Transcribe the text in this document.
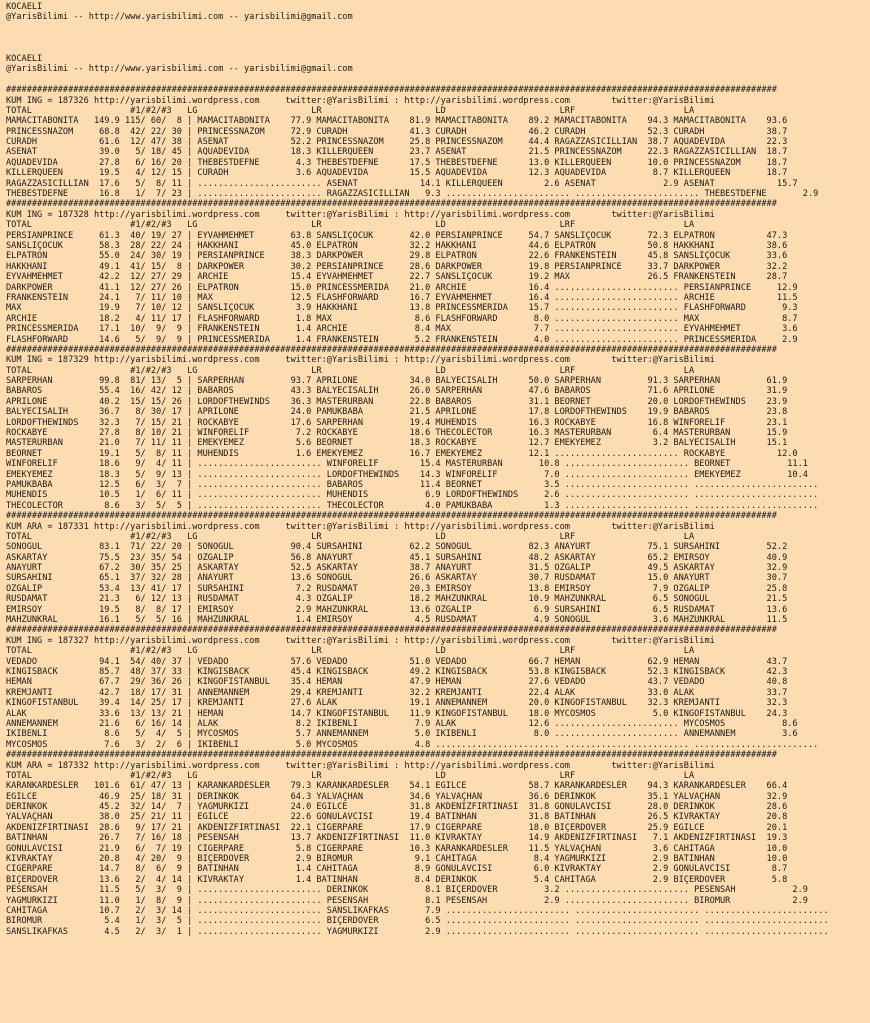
KOCAELI
@YarisBilimi -- http://www.yarisbilimi.com -- yarisbilimi@gmail.com
KOCAELI
@YarisBilimi -- http://www.yarisbilimi.com -- yarisbilimi@gmail.com
#####################################################################################################################################################
KUM ING = 187326 http://yarisbilimi.wordpress.com     twitter:@YarisBilimi : http://yarisbilimi.wordpress.com        twitter:@YarisBilimi
TOTAL                   #1/#2/#3   LG                      LR                      LD                      LRF                     LA
MAMACITABONITA   149.9 115/ 60/  8 | MAMACITABONITA    77.9 MAMACITABONITA    81.9 MAMACITABONITA    89.2 MAMACITABONITA    94.3 MAMACITABONITA    93.6
PRINCESSNAZOM     68.8  42/ 22/ 30 | PRINCESSNAZOM     72.9 CURADH            41.3 CURADH            46.2 CURADH            52.3 CURADH            38.7
CURADH            61.6  12/ 47/ 38 | ASENAT            52.2 PRINCESSNAZOM     25.8 PRINCESSNAZOM     44.4 RAGAZZASICILLIAN  38.7 AQUADEVIDA        22.3
ASENAT            39.0   5/ 18/ 45 | AQUADEVIDA        18.3 KILLERQUEEN       23.7 ASENAT            21.5 PRINCESSNAZOM     22.3 RAGAZZASICILLIAN  18.7
AQUADEVIDA        27.8   6/ 16/ 20 | THEBESTDEFNE       4.3 THEBESTDEFNE      17.5 THEBESTDEFNE      13.0 KILLERQUEEN       10.0 PRINCESSNAZOM     18.7
KILLERQUEEN       19.5   4/ 12/ 15 | CURADH             3.6 AQUADEVIDA        15.5 AQUADEVIDA        12.3 AQUADEVIDA         8.7 KILLERQUEEN       18.7
RAGAZZASICILLIAN  17.6   5/  8/ 11 | ........................ ASENAT            14.1 KILLERQUEEN        2.6 ASENAT             2.9 ASENAT            15.7
THEBESTDEFNE      16.8   1/  7/ 23 | ........................ RAGAZZASICILLIAN   9.3 ........................ ........................ THEBESTDEFNE       2.9
#####################################################################################################################################################
KUM ING = 187328 http://yarisbilimi.wordpress.com     twitter:@YarisBilimi : http://yarisbilimi.wordpress.com        twitter:@YarisBilimi
TOTAL                   #1/#2/#3   LG                      LR                      LD                      LRF                     LA
PERSIANPRINCE     61.3  40/ 19/ 27 | EYVAHMEHMET       63.8 SANSLIÇOCUK       42.0 PERSIANPRINCE     54.7 SANSLIÇOCUK       72.3 ELPATRON          47.3
SANSLIÇOCUK       58.3  28/ 22/ 24 | HAKKHANI          45.0 ELPATRON          32.2 HAKKHANI          44.6 ELPATRON          50.8 HAKKHANI          38.6
ELPATRON          55.0  24/ 30/ 19 | PERSIANPRINCE     38.3 DARKPOWER         29.8 ELPATRON          22.6 FRANKENSTEIN      45.8 SANSLIÇOCUK       33.6
HAKKHANI          49.1  41/ 15/  8 | DARKPOWER         30.2 PERSIANPRINCE     28.6 DARKPOWER         19.8 PERSIANPRINCE     33.7 DARKPOWER         32.2
EYVAHMEHMET       42.2  12/ 27/ 29 | ARCHIE            15.4 EYVAHMEHMET       22.7 SANSLIÇOCUK       19.2 MAX               26.5 FRANKENSTEIN      28.7
DARKPOWER         41.1  12/ 27/ 26 | ELPATRON          15.0 PRINCESSMERIDA    21.0 ARCHIE            16.4 ........................ PERSIANPRINCE     12.9
FRANKENSTEIN      24.1   7/ 11/ 10 | MAX               12.5 FLASHFORWARD      16.7 EYVAHMEHMET       16.4 ........................ ARCHIE            11.5
MAX               19.9   7/ 10/ 12 | SANSLIÇOCUK        3.9 HAKKHANI          13.8 PRINCESSMERIDA    15.7 ........................ FLASHFORWARD       9.3
ARCHIE            18.2   4/ 11/ 17 | FLASHFORWARD       1.8 MAX                8.6 FLASHFORWARD       8.0 ........................ MAX                8.7
PRINCESSMERIDA    17.1  10/  9/  9 | FRANKENSTEIN       1.4 ARCHIE             8.4 MAX                7.7 ........................ EYVAHMEHMET        3.6
FLASHFORWARD      14.6   5/  9/  9 | PRINCESSMERIDA     1.4 FRANKENSTEIN       5.2 FRANKENSTEIN       4.0 ........................ PRINCESSMERIDA     2.9
#####################################################################################################################################################
KUM ING = 187329 http://yarisbilimi.wordpress.com     twitter:@YarisBilimi : http://yarisbilimi.wordpress.com        twitter:@YarisBilimi
TOTAL                   #1/#2/#3   LG                      LR                      LD                      LRF                     LA
SARPERHAN         99.8  81/ 13/  5 | SARPERHAN         93.7 APRILONE          34.0 BALYECISALIH      50.0 SARPERHAN         91.3 SARPERHAN         61.9
BABAROS           55.4  16/ 42/ 12 | BABAROS           43.3 BALYECISALIH      26.0 SARPERHAN         47.6 BABAROS           71.6 APRILONE          31.9
APRILONE          40.2  15/ 15/ 26 | LORDOFTHEWINDS    36.3 MASTERURBAN       22.8 BABAROS           31.1 BEORNET           20.0 LORDOFTHEWINDS    23.9
BALYECISALIH      36.7   8/ 30/ 17 | APRILONE          24.0 PAMUKBABA         21.5 APRILONE          17.8 LORDOFTHEWINDS    19.9 BABAROS           23.8
LORDOFTHEWINDS    32.3   7/ 15/ 21 | ROCKABYE          17.6 SARPERHAN         19.4 MÜHENDIS          16.3 ROCKABYE          16.8 WINFORELIF        23.1
ROCKABYE          27.8   8/ 10/ 21 | WINFORELIF         7.2 ROCKABYE          18.6 THECOLECTOR       16.3 MASTERURBAN        6.4 MASTERURBAN       15.9
MASTERURBAN       21.0   7/ 11/ 11 | EMEKYEMEZ          5.6 BEORNET           18.3 ROCKABYE          12.7 EMEKYEMEZ          3.2 BALYECISALIH      15.1
BEORNET           19.1   5/  8/ 11 | MÜHENDIS           1.6 EMEKYEMEZ         16.7 EMEKYEMEZ         12.1 ........................ ROCKABYE          12.0
WINFORELIF        18.6   9/  4/ 11 | ........................ WINFORELIF        15.4 MASTERURBAN       10.8 ........................ BEORNET           11.1
EMEKYEMEZ         18.3   5/  9/ 13 | ........................ LORDOFTHEWINDS    14.3 WINFORELIF         7.0 ........................ EMEKYEMEZ         10.4
PAMUKBABA         12.5   6/  3/  7 | ........................ BABAROS           11.4 BEORNET            3.5 ........................ ........................
MÜHENDIS          10.5   1/  6/ 11 | ........................ MÜHENDIS           6.9 LORDOFTHEWINDS     2.6 ........................ ........................
THECOLECTOR        8.6   3/  5/  5 | ........................ THECOLECTOR        4.0 PAMUKBABA          1.3 ........................ ........................
#####################################################################################################################################################
KUM ARA = 187331 http://yarisbilimi.wordpress.com     twitter:@YarisBilimi : http://yarisbilimi.wordpress.com        twitter:@YarisBilimi
TOTAL                   #1/#2/#3   LG                      LR                      LD                      LRF                     LA
SONOGUL           83.1  71/ 22/ 20 | SONOGUL           90.4 SURSAHINI         62.2 SONOGUL           82.3 ANAYURT           75.1 SURSAHINI         52.2
ASKARTAY          75.5  23/ 35/ 54 | ÖZGALIP           56.8 ANAYURT           45.1 SURSAHINI         48.2 ASKARTAY          65.2 EMIRSOY           40.9
ANAYURT           67.2  30/ 35/ 25 | ASKARTAY          52.5 ASKARTAY          38.7 ANAYURT           31.5 ÖZGALIP           49.5 ASKARTAY          32.9
SURSAHINI         65.1  37/ 32/ 28 | ANAYURT           13.6 SONOGUL           26.6 ASKARTAY          30.7 RUSDAMAT          15.0 ANAYURT           30.7
ÖZGALIP           53.4  13/ 41/ 17 | SURSAHINI          7.2 RUSDAMAT          20.3 EMIRSOY           13.8 EMIRSOY            7.9 ÖZGALIP           25.8
RUSDAMAT          21.3   6/ 12/ 13 | RUSDAMAT           4.3 ÖZGALIP           18.2 MAHZUNKRAL        10.9 MAHZUNKRAL         6.5 SONOGUL           21.5
EMIRSOY           19.5   8/  8/ 17 | EMIRSOY            2.9 MAHZUNKRAL        13.6 ÖZGALIP            6.9 SURSAHINI          6.5 RUSDAMAT          13.6
MAHZUNKRAL        16.1   5/  5/ 16 | MAHZUNKRAL         1.4 EMIRSOY            4.5 RUSDAMAT           4.9 SONOGUL            3.6 MAHZUNKRAL        11.5
#####################################################################################################################################################
KUM ING = 187327 http://yarisbilimi.wordpress.com     twitter:@YarisBilimi : http://yarisbilimi.wordpress.com        twitter:@YarisBilimi
TOTAL                   #1/#2/#3   LG                      LR                      LD                      LRF                     LA
VEDADO            94.1  54/ 40/ 37 | VEDADO            57.6 VEDADO            51.0 VEDADO            66.7 HEMAN             62.9 HEMAN             43.7
KINGISBACK        85.7  48/ 37/ 33 | KINGISBACK        45.4 KINGISBACK        49.2 KINGISBACK        53.8 KINGISBACK        52.3 KINGISBACK        42.3
HEMAN             67.7  29/ 36/ 26 | KINGOFISTANBUL    35.4 HEMAN             47.9 HEMAN             27.6 VEDADO            43.7 VEDADO            40.8
KREMJANTI         42.7  18/ 17/ 31 | ANNEMANNEM        29.4 KREMJANTI         32.2 KREMJANTI         22.4 ALAK              33.0 ALAK              33.7
KINGOFISTANBUL    39.4  14/ 25/ 17 | KREMJANTI         27.6 ALAK              19.1 ANNEMANNEM        20.0 KINGOFISTANBUL    32.3 KREMJANTI         32.3
ALAK              33.6  13/ 13/ 21 | HEMAN             14.7 KINGOFISTANBUL    11.9 KINGOFISTANBUL    18.0 MYCOSMOS           5.0 KINGOFISTANBUL    24.3
ANNEMANNEM        21.6   6/ 16/ 14 | ALAK               8.2 IKIBENLI           7.9 ALAK              12.6 ........................ MYCOSMOS           8.6
IKIBENLI           8.6   5/  4/  5 | MYCOSMOS           5.7 ANNEMANNEM         5.0 IKIBENLI           8.0 ........................ ANNEMANNEM         3.6
MYCOSMOS           7.6   3/  2/  6 | IKIBENLI           5.0 MYCOSMOS           4.8 ........................ ........................ ........................
#####################################################################################################################################################
KUM ARA = 187332 http://yarisbilimi.wordpress.com     twitter:@YarisBilimi : http://yarisbilimi.wordpress.com        twitter:@YarisBilimi
TOTAL                   #1/#2/#3   LG                      LR                      LD                      LRF                     LA
KARANKARDESLER   101.6  61/ 47/ 13 | KARANKARDESLER    79.3 KARANKARDESLER    54.1 EGILCE            58.7 KARANKARDESLER    94.3 KARANKARDESLER    66.4
EGILCE            46.9  25/ 18/ 31 | DERINKÖK          64.3 YALVAÇHAN         34.6 YALVAÇHAN         36.6 DERINKÖK          35.1 YALVAÇHAN         32.9
DERINKÖK          45.2  32/ 14/  7 | YAGMURKIZI        24.0 EGILCE            31.8 AKDENIZFIRTINASI  31.8 GÖNÜLAVCISI       28.0 DERINKÖK          28.6
YALVAÇHAN         38.0  25/ 21/ 11 | EGILCE            22.6 GÖNÜLAVCISI       19.4 BATINHAN          31.8 BATINHAN          26.5 KIVRAKTAY         20.8
AKDENIZFIRTINASI  28.6   9/ 17/ 21 | AKDENIZFIRTINASI  22.1 CIGERPARE         17.9 CIGERPARE         18.0 BIÇERDÖVER        25.9 EGILCE            20.1
BATINHAN          26.7   7/ 16/ 18 | PESENSAH          13.7 AKDENIZFIRTINASI  11.0 KIVRAKTAY         14.9 AKDENIZFIRTINASI   7.1 AKDENIZFIRTINASI  19.3
GÖNÜLAVCISI       21.9   6/  7/ 19 | CIGERPARE          5.8 CIGERPARE         10.3 KARANKARDESLER    11.5 YALVAÇHAN          3.6 CAHITAGA          10.0
KIVRAKTAY         20.8   4/ 20/  9 | BIÇERDÖVER         2.9 BIRÖMÜR            9.1 CAHITAGA           8.4 YAGMURKIZI         2.9 BATINHAN          10.0
CIGERPARE         14.7   8/  6/  9 | BATINHAN           1.4 CAHITAGA           8.9 GÖNÜLAVCISI        6.0 KIVRAKTAY          2.9 GÖNÜLAVCISI        8.7
BIÇERDÖVER        13.6   2/  4/ 14 | KIVRAKTAY          1.4 BATINHAN           8.4 DERINKÖK           5.4 CAHITAGA           2.9 BIÇERDÖVER         5.8
PESENSAH          11.5   5/  3/  9 | ........................ DERINKÖK           8.1 BIÇERDÖVER         3.2 ........................ PESENSAH           2.9
YAGMURKIZI        11.0   1/  8/  9 | ........................ PESENSAH           8.1 PESENSAH           2.9 ........................ BIRÖMÜR            2.9
CAHITAGA          10.7   2/  3/ 14 | ........................ SANSLIKAFKAS       7.9 ........................ ........................ ........................
BIRÖMÜR            5.4   1/  3/  5 | ........................ BIÇERDÖVER         6.5 ........................ ........................ ........................
SANSLIKAFKAS       4.5   2/  3/  1 | ........................ YAGMURKIZI         2.9 ........................ ........................ ........................
